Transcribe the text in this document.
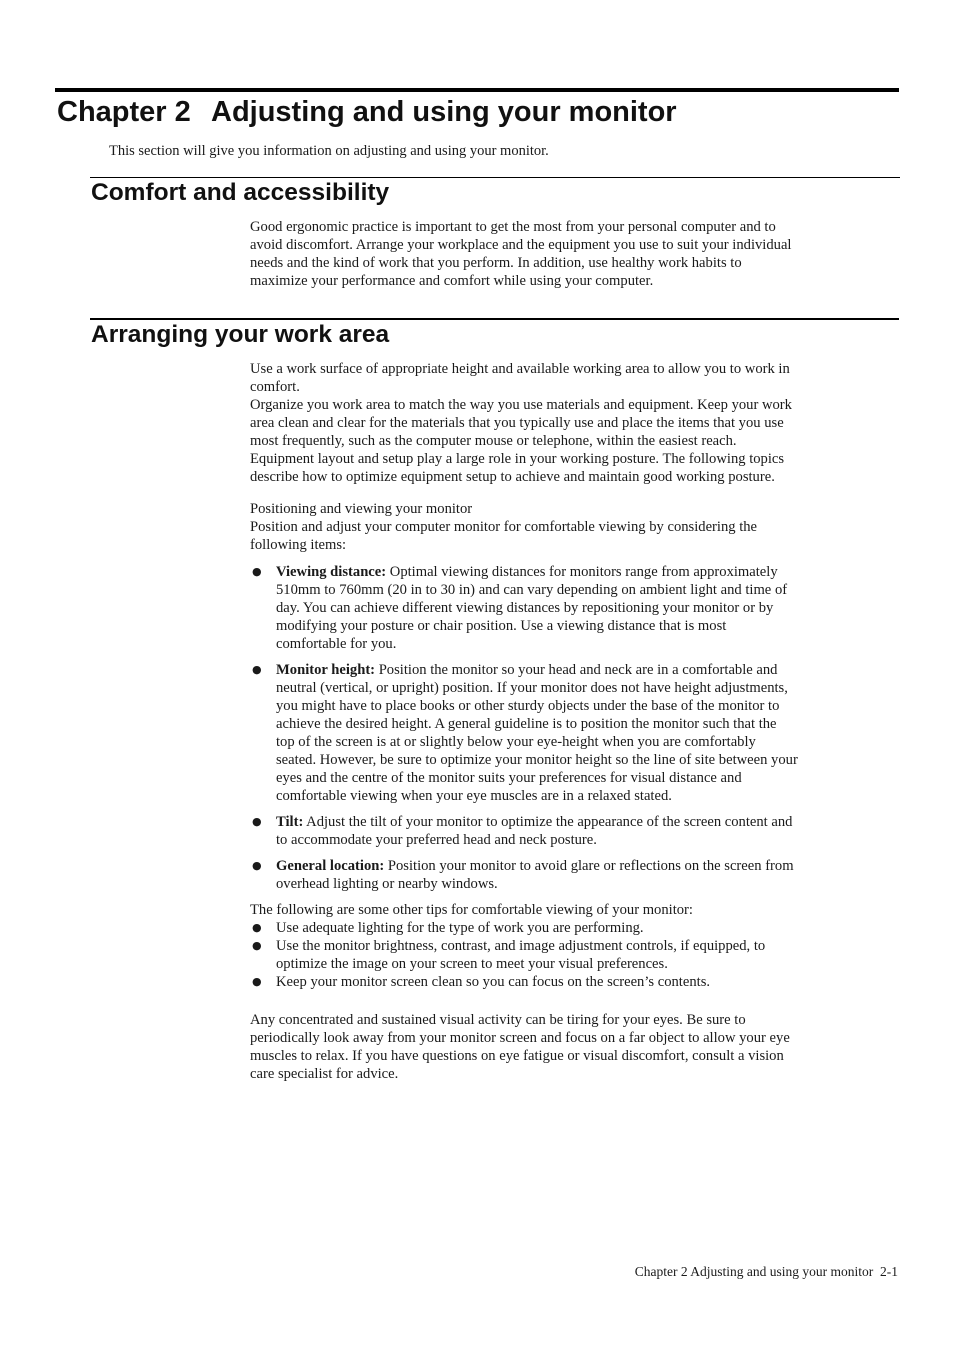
Chapter 2 Adjusting and using your monitor

This section will give you information on adjusting and using your monitor.

Comfort and accessibility

Good ergonomic practice is important to get the most from your personal computer and to avoid discomfort. Arrange your workplace and the equipment you use to suit your individual needs and the kind of work that you perform. In addition, use healthy work habits to maximize your performance and comfort while using your computer.

Arranging your work area

Use a work surface of appropriate height and available working area to allow you to work in comfort.

Organize you work area to match the way you use materials and equipment. Keep your work area clean and clear for the materials that you typically use and place the items that you use most frequently, such as the computer mouse or telephone, within the easiest reach.

Equipment layout and setup play a large role in your working posture. The following topics describe how to optimize equipment setup to achieve and maintain good working posture.

Positioning and viewing your monitor

Position and adjust your computer monitor for comfortable viewing by considering the following items:

● Viewing distance: Optimal viewing distances for monitors range from approximately 510mm to 760mm (20 in to 30 in) and can vary depending on ambient light and time of day. You can achieve different viewing distances by repositioning your monitor or by modifying your posture or chair position. Use a viewing distance that is most comfortable for you.
● Monitor height: Position the monitor so your head and neck are in a comfortable and neutral (vertical, or upright) position. If your monitor does not have height adjustments, you might have to place books or other sturdy objects under the base of the monitor to achieve the desired height. A general guideline is to position the monitor such that the top of the screen is at or slightly below your eye-height when you are comfortably seated. However, be sure to optimize your monitor height so the line of site between your eyes and the centre of the monitor suits your preferences for visual distance and comfortable viewing when your eye muscles are in a relaxed stated.
● Tilt: Adjust the tilt of your monitor to optimize the appearance of the screen content and to accommodate your preferred head and neck posture.
● General location: Position your monitor to avoid glare or reflections on the screen from overhead lighting or nearby windows.

The following are some other tips for comfortable viewing of your monitor:

● Use adequate lighting for the type of work you are performing.
● Use the monitor brightness, contrast, and image adjustment controls, if equipped, to optimize the image on your screen to meet your visual preferences.
● Keep your monitor screen clean so you can focus on the screen’s contents.

Any concentrated and sustained visual activity can be tiring for your eyes. Be sure to periodically look away from your monitor screen and focus on a far object to allow your eye muscles to relax. If you have questions on eye fatigue or visual discomfort, consult a vision care specialist for advice.

Chapter 2 Adjusting and using your monitor 2-1
